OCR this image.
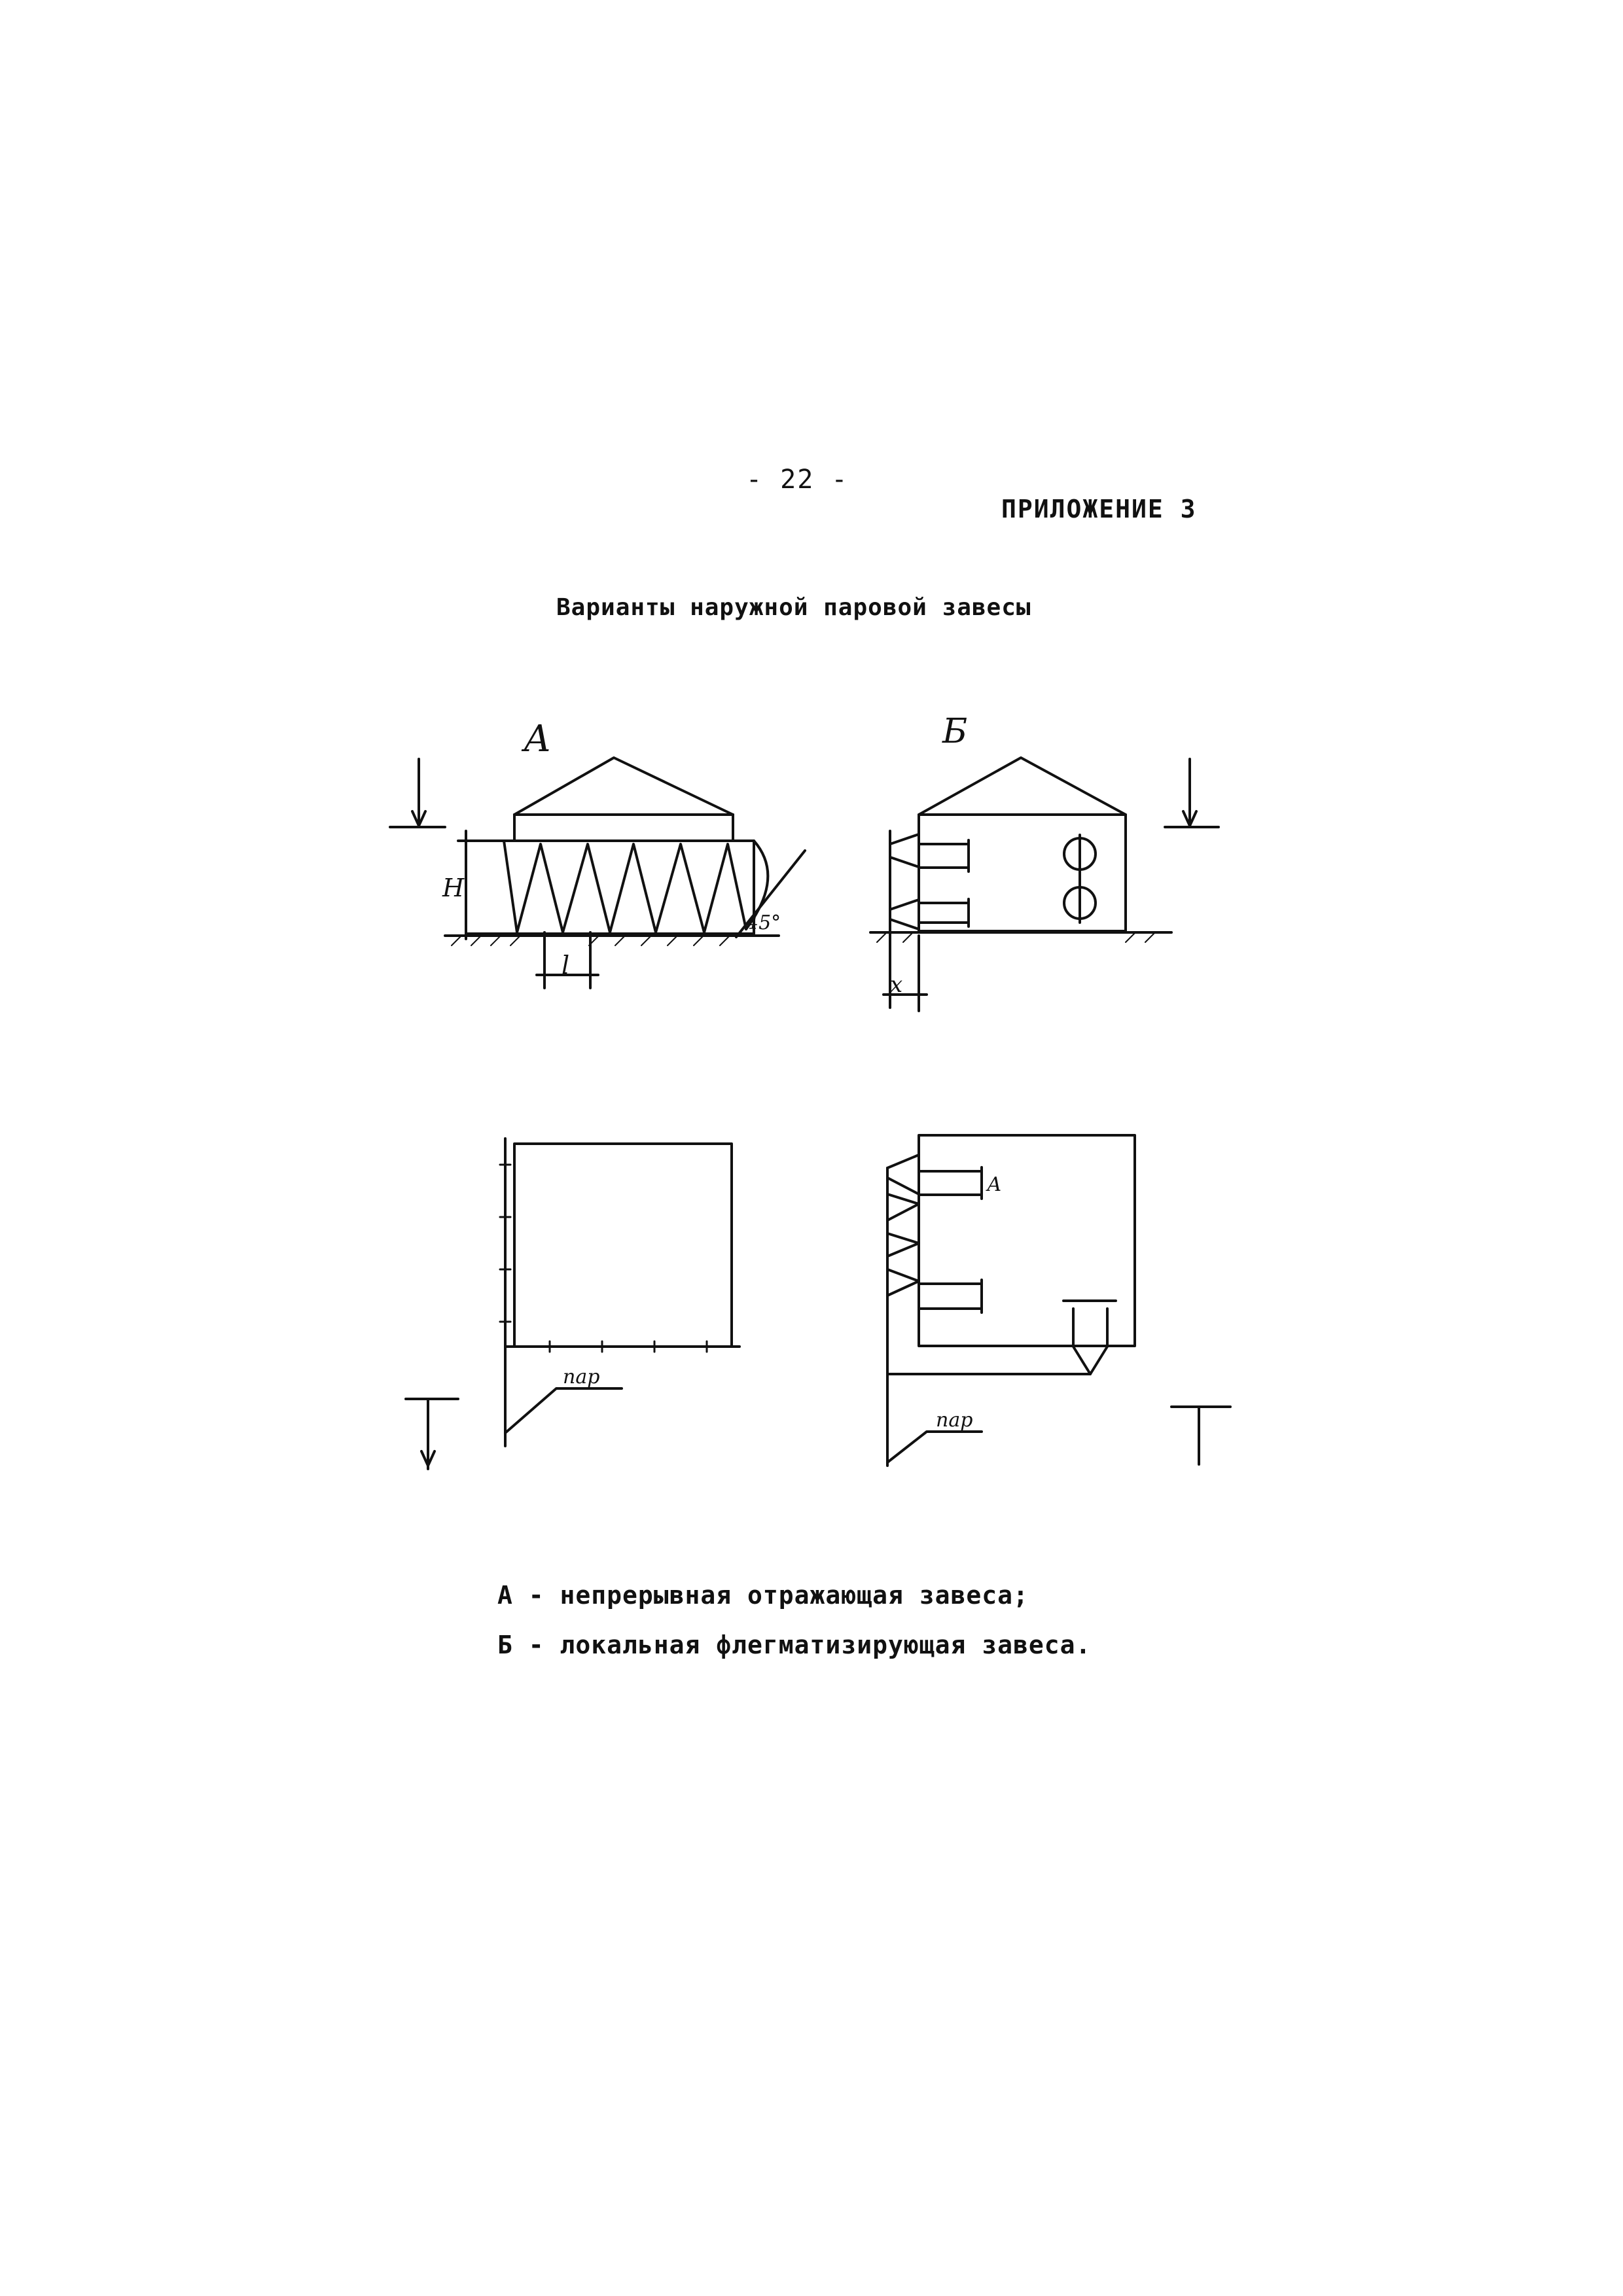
- 22 -
ПРИЛОЖЕНИЕ 3
Варианты наружной паровой завесы
А	Б
Н
l
x
45°
А
пар
пар
А - непрерывная отражающая завеса;
Б - локальная флегматизирующая завеса.
